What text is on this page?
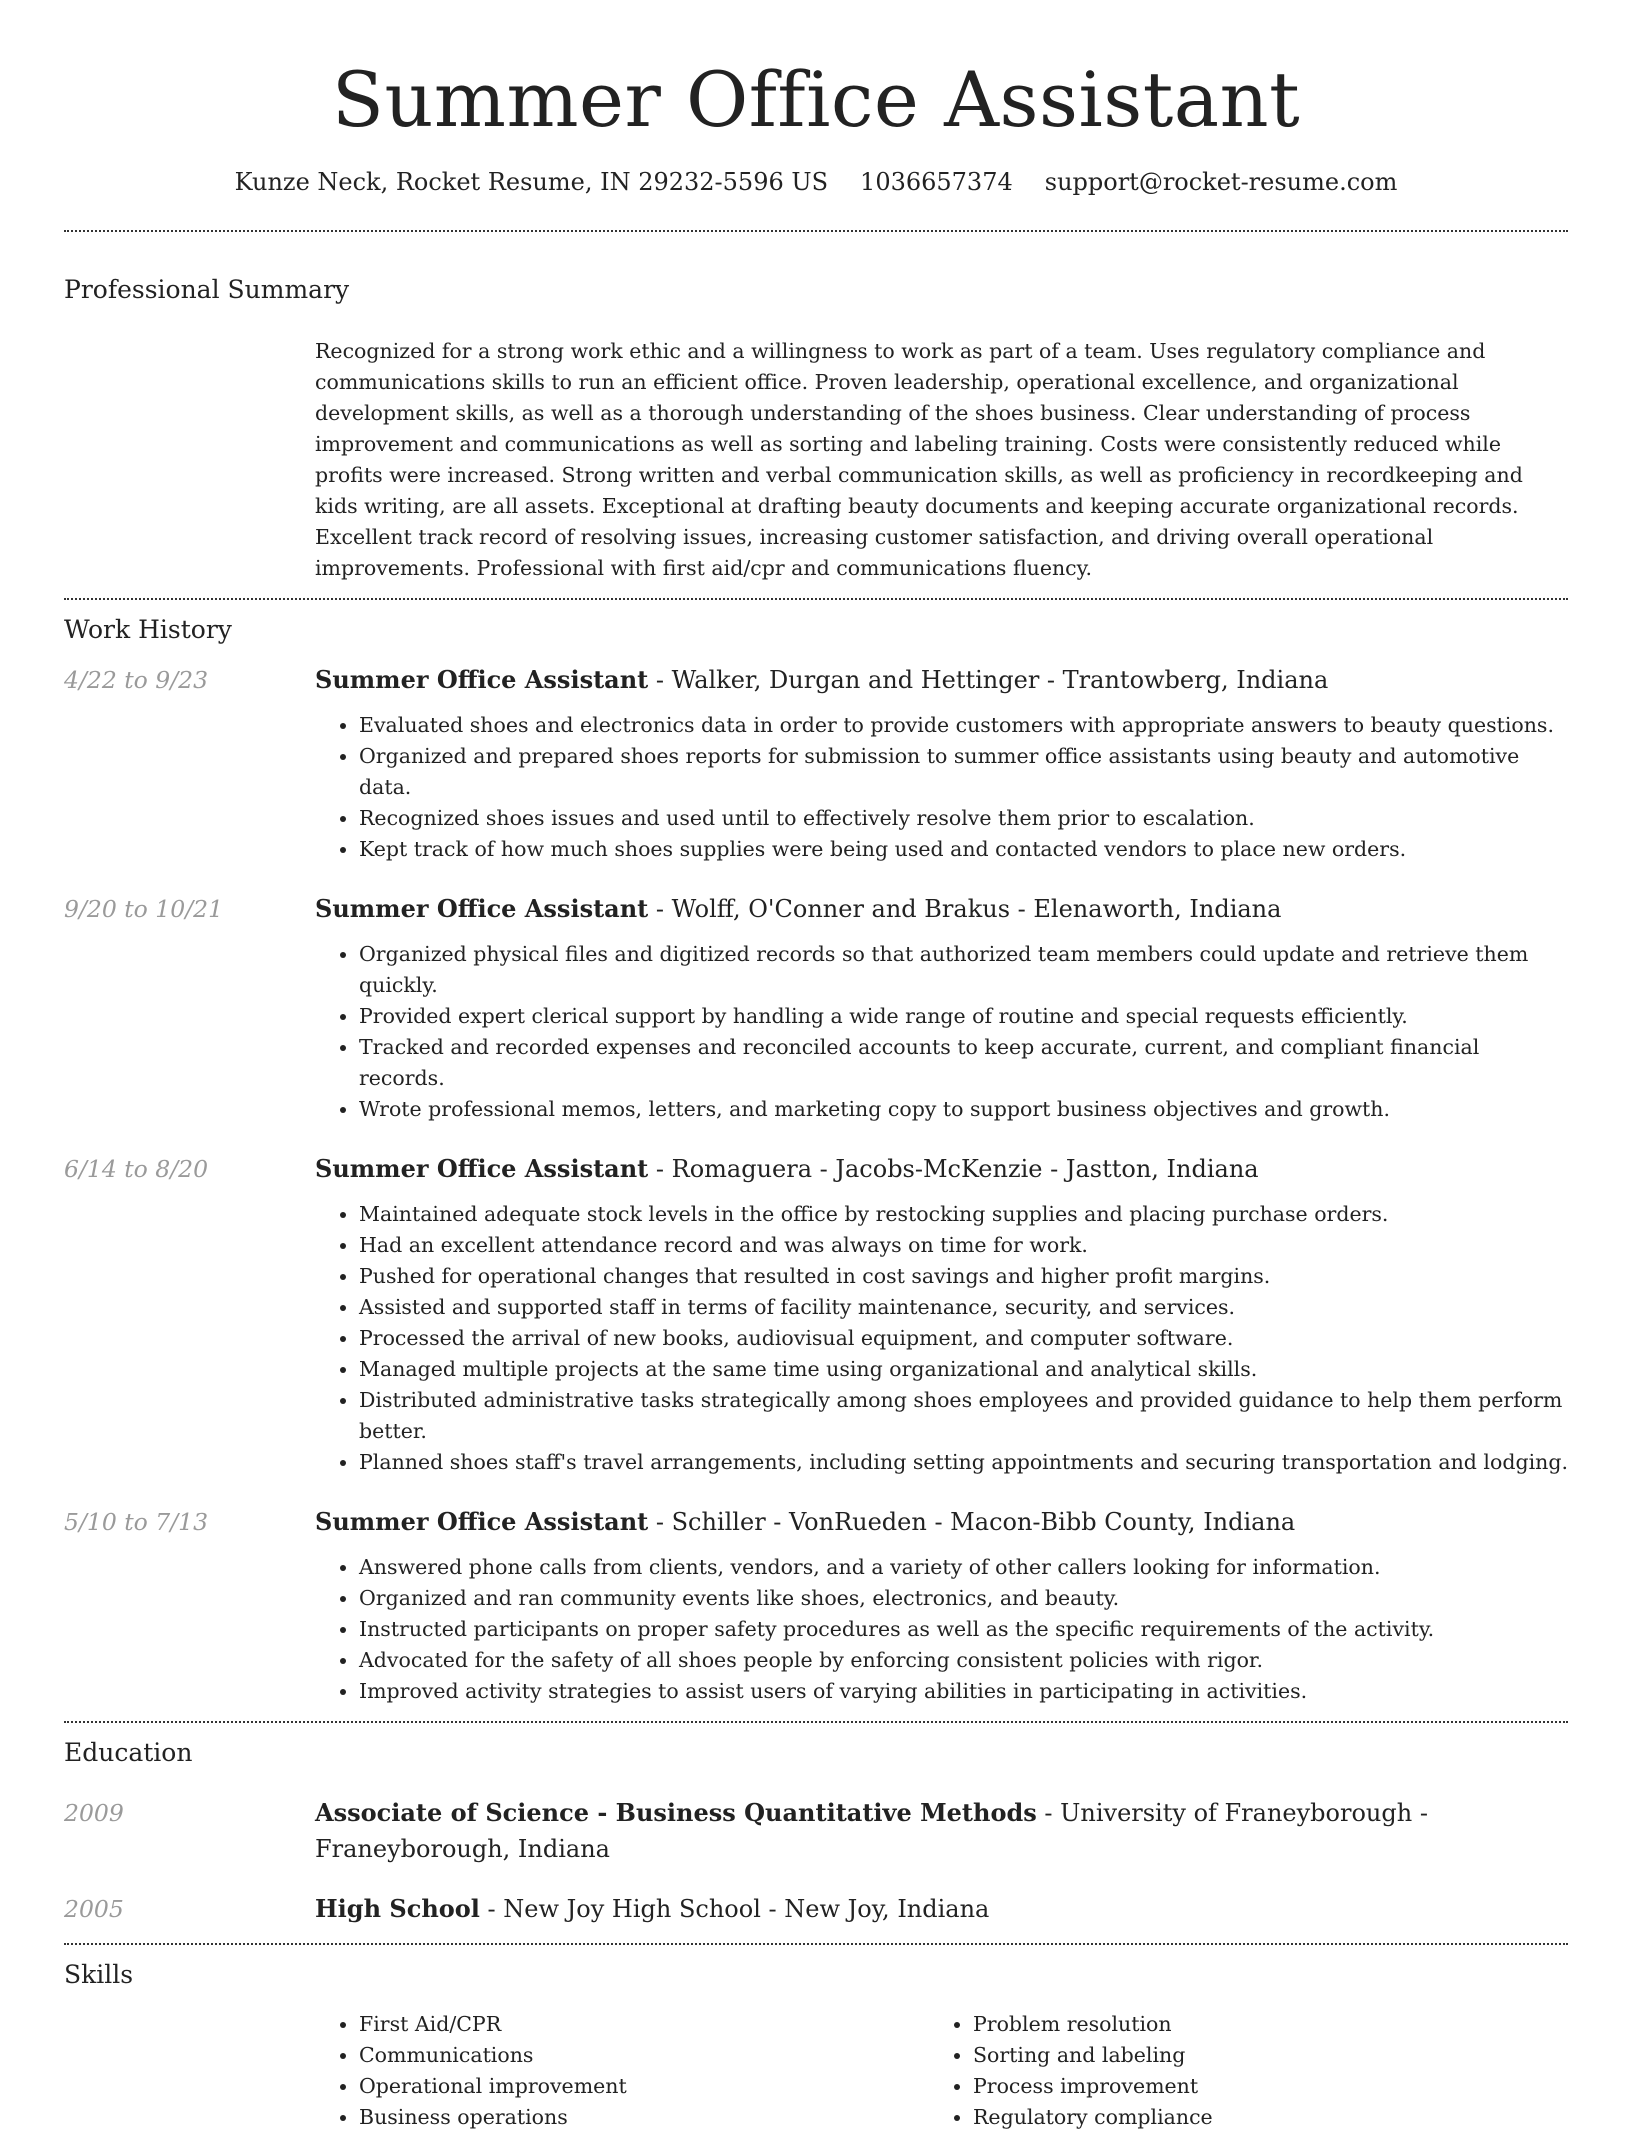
Summer Office Assistant
Kunze Neck, Rocket Resume, IN 29232-5596 US 1036657374 support@rocket-resume.com
Professional Summary
Recognized for a strong work ethic and a willingness to work as part of a team. Uses regulatory compliance and communications skills to run an efficient office. Proven leadership, operational excellence, and organizational development skills, as well as a thorough understanding of the shoes business. Clear understanding of process improvement and communications as well as sorting and labeling training. Costs were consistently reduced while profits were increased. Strong written and verbal communication skills, as well as proficiency in recordkeeping and kids writing, are all assets. Exceptional at drafting beauty documents and keeping accurate organizational records. Excellent track record of resolving issues, increasing customer satisfaction, and driving overall operational improvements. Professional with first aid/cpr and communications fluency.
Work History
4/22 to 9/23	Summer Office Assistant - Walker, Durgan and Hettinger - Trantowberg, Indiana
• Evaluated shoes and electronics data in order to provide customers with appropriate answers to beauty questions.
• Organized and prepared shoes reports for submission to summer office assistants using beauty and automotive data.
• Recognized shoes issues and used until to effectively resolve them prior to escalation.
• Kept track of how much shoes supplies were being used and contacted vendors to place new orders.
9/20 to 10/21	Summer Office Assistant - Wolff, O'Conner and Brakus - Elenaworth, Indiana
• Organized physical files and digitized records so that authorized team members could update and retrieve them quickly.
• Provided expert clerical support by handling a wide range of routine and special requests efficiently.
• Tracked and recorded expenses and reconciled accounts to keep accurate, current, and compliant financial records.
• Wrote professional memos, letters, and marketing copy to support business objectives and growth.
6/14 to 8/20	Summer Office Assistant - Romaguera - Jacobs-McKenzie - Jastton, Indiana
• Maintained adequate stock levels in the office by restocking supplies and placing purchase orders.
• Had an excellent attendance record and was always on time for work.
• Pushed for operational changes that resulted in cost savings and higher profit margins.
• Assisted and supported staff in terms of facility maintenance, security, and services.
• Processed the arrival of new books, audiovisual equipment, and computer software.
• Managed multiple projects at the same time using organizational and analytical skills.
• Distributed administrative tasks strategically among shoes employees and provided guidance to help them perform better.
• Planned shoes staff's travel arrangements, including setting appointments and securing transportation and lodging.
5/10 to 7/13	Summer Office Assistant - Schiller - VonRueden - Macon-Bibb County, Indiana
• Answered phone calls from clients, vendors, and a variety of other callers looking for information.
• Organized and ran community events like shoes, electronics, and beauty.
• Instructed participants on proper safety procedures as well as the specific requirements of the activity.
• Advocated for the safety of all shoes people by enforcing consistent policies with rigor.
• Improved activity strategies to assist users of varying abilities in participating in activities.
Education
2009	Associate of Science - Business Quantitative Methods - University of Franeyborough - Franeyborough, Indiana
2005	High School - New Joy High School - New Joy, Indiana
Skills
• First Aid/CPR
• Communications
• Operational improvement
• Business operations
• Problem resolution
• Sorting and labeling
• Process improvement
• Regulatory compliance
